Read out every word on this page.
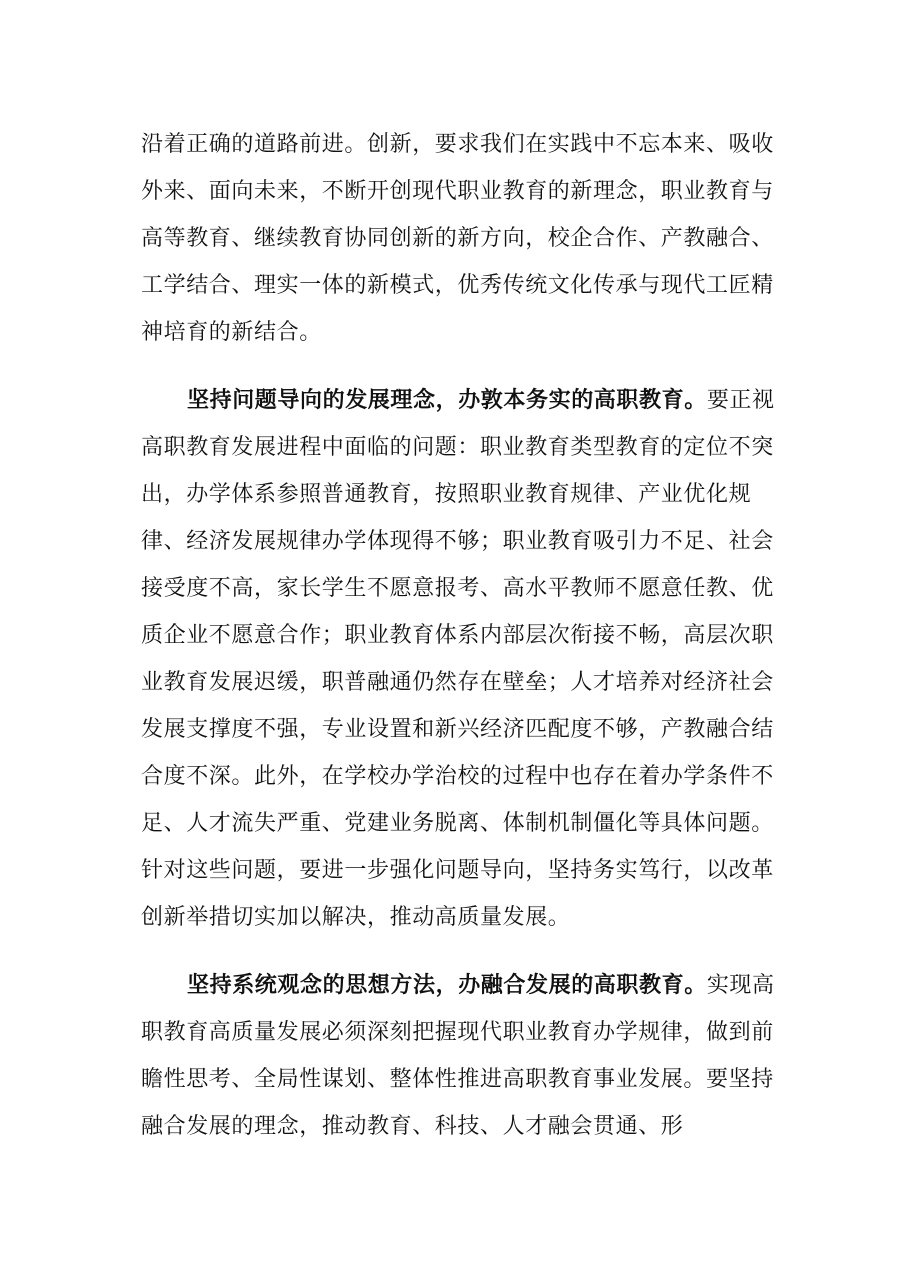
沿着正确的道路前进。创新，要求我们在实践中不忘本来、吸收外来、面向未来，不断开创现代职业教育的新理念，职业教育与高等教育、继续教育协同创新的新方向，校企合作、产教融合、工学结合、理实一体的新模式，优秀传统文化传承与现代工匠精神培育的新结合。

坚持问题导向的发展理念，办敦本务实的高职教育。要正视高职教育发展进程中面临的问题：职业教育类型教育的定位不突出，办学体系参照普通教育，按照职业教育规律、产业优化规律、经济发展规律办学体现得不够；职业教育吸引力不足、社会接受度不高，家长学生不愿意报考、高水平教师不愿意任教、优质企业不愿意合作；职业教育体系内部层次衔接不畅，高层次职业教育发展迟缓，职普融通仍然存在壁垒；人才培养对经济社会发展支撑度不强，专业设置和新兴经济匹配度不够，产教融合结合度不深。此外，在学校办学治校的过程中也存在着办学条件不足、人才流失严重、党建业务脱离、体制机制僵化等具体问题。针对这些问题，要进一步强化问题导向，坚持务实笃行，以改革创新举措切实加以解决，推动高质量发展。

坚持系统观念的思想方法，办融合发展的高职教育。实现高职教育高质量发展必须深刻把握现代职业教育办学规律，做到前瞻性思考、全局性谋划、整体性推进高职教育事业发展。要坚持融合发展的理念，推动教育、科技、人才融会贯通、形
